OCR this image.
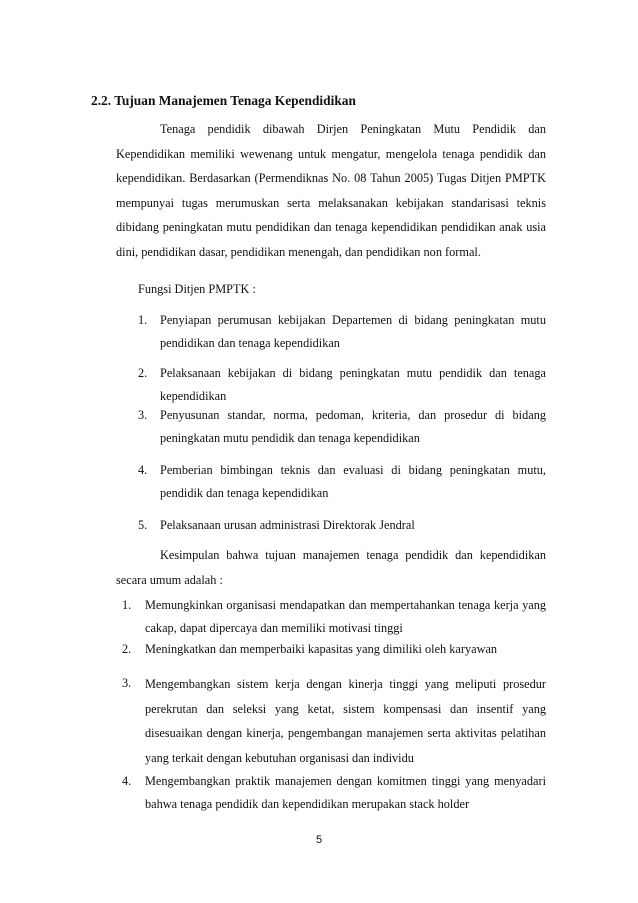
2.2. Tujuan Manajemen Tenaga Kependidikan

Tenaga pendidik dibawah Dirjen Peningkatan Mutu Pendidik dan Kependidikan memiliki wewenang untuk mengatur, mengelola tenaga pendidik dan kependidikan. Berdasarkan (Permendiknas No. 08 Tahun 2005) Tugas Ditjen PMPTK mempunyai tugas merumuskan serta melaksanakan kebijakan standarisasi teknis dibidang peningkatan mutu pendidikan dan tenaga kependidikan pendidikan anak usia dini, pendidikan dasar, pendidikan menengah, dan pendidikan non formal.

Fungsi Ditjen PMPTK :

1. Penyiapan perumusan kebijakan Departemen di bidang peningkatan mutu pendidikan dan tenaga kependidikan

2. Pelaksanaan kebijakan di bidang peningkatan mutu pendidik dan tenaga kependidikan

3. Penyusunan standar, norma, pedoman, kriteria, dan prosedur di bidang peningkatan mutu pendidik dan tenaga kependidikan

4. Pemberian bimbingan teknis dan evaluasi di bidang peningkatan mutu, pendidik dan tenaga kependidikan

5. Pelaksanaan urusan administrasi Direktorak Jendral

Kesimpulan bahwa tujuan manajemen tenaga pendidik dan kependidikan secara umum adalah :

1. Memungkinkan organisasi mendapatkan dan mempertahankan tenaga kerja yang cakap, dapat dipercaya dan memiliki motivasi tinggi

2. Meningkatkan dan memperbaiki kapasitas yang dimiliki oleh karyawan

3. Mengembangkan sistem kerja dengan kinerja tinggi yang meliputi prosedur perekrutan dan seleksi yang ketat, sistem kompensasi dan insentif yang disesuaikan dengan kinerja, pengembangan manajemen serta aktivitas pelatihan yang terkait dengan kebutuhan organisasi dan individu

4. Mengembangkan praktik manajemen dengan komitmen tinggi yang menyadari bahwa tenaga pendidik dan kependidikan merupakan stack holder

5
